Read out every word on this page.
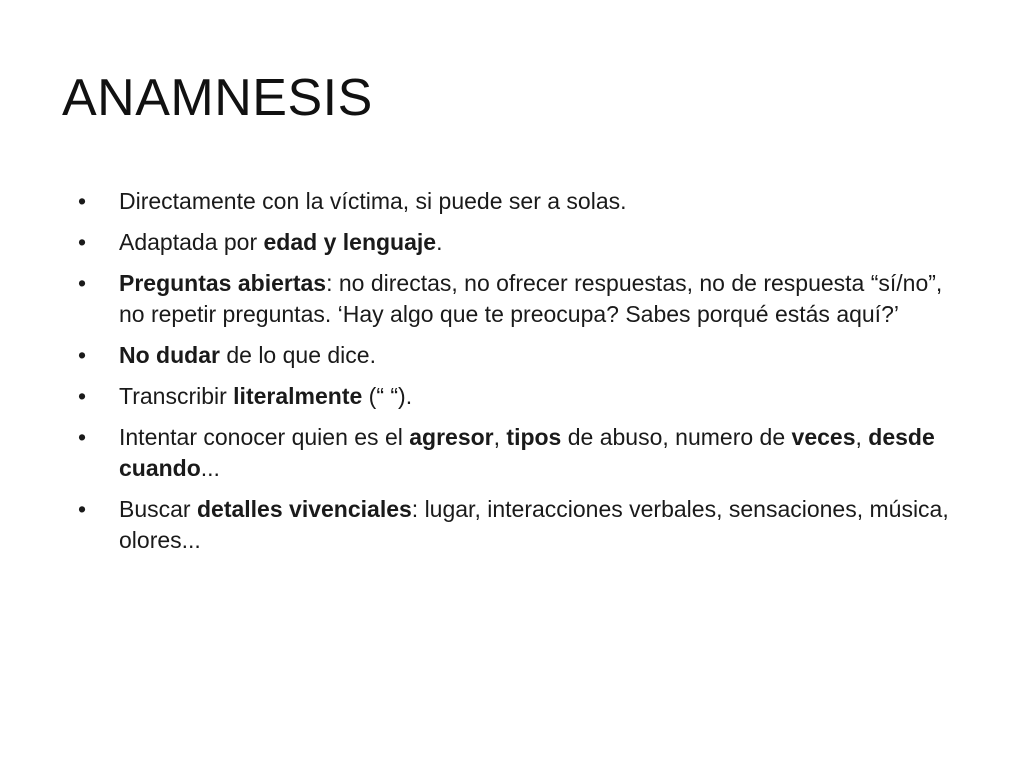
ANAMNESIS
•	Directamente con la víctima, si puede ser a solas.
•	Adaptada por edad y lenguaje.
•	Preguntas abiertas: no directas, no ofrecer respuestas, no de respuesta “sí/no”, no repetir preguntas. ‘Hay algo que te preocupa? Sabes porqué estás aquí?’
•	No dudar de lo que dice.
•	Transcribir literalmente (“ “).
•	Intentar conocer quien es el agresor, tipos de abuso, numero de veces, desde cuando...
•	Buscar detalles vivenciales: lugar, interacciones verbales, sensaciones, música, olores...
